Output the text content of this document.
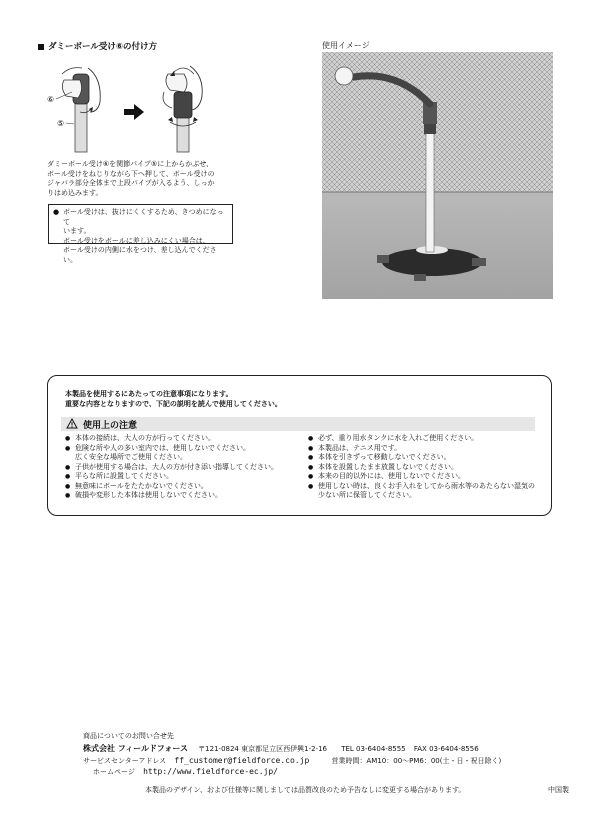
ダミーボール受け⑥の付け方
⑥
⑤
ダミーボール受け⑥を関節パイプ⑤に上からかぶせ、
ボール受けをねじりながら下へ押して、ボール受けの
ジャバラ部分全体まで上段パイプが入るよう、しっか
りはめ込みます。
● ボール受けは、抜けにくくするため、きつめになって
います。
ボール受けをボールに差し込みにくい場合は、
ボール受けの内側に水をつけ、差し込んでください。
使用イメージ
本製品を使用するにあたっての注意事項になります。
重要な内容となりますので、下記の説明を読んで使用してください。
使用上の注意
● 本体の接続は、大人の方が行ってください。
● 危険な所や人の多い室内では、使用しないでください。
広く安全な場所でご使用ください。
● 子供が使用する場合は、大人の方が付き添い指導してください。
● 平らな所に設置してください。
● 無意味にボールをたたかないでください。
● 破損や変形した本体は使用しないでください。
● 必ず、重り用水タンクに水を入れご使用ください。
● 本製品は、テニス用です。
● 本体を引きずって移動しないでください。
● 本体を設置したまま放置しないでください。
● 本来の目的以外には、使用しないでください。
● 使用しない時は、良くお手入れをしてから雨水等のあたらない湿気の
少ない所に保管してください。
商品についてのお問い合せ先
株式会社 フィールドフォース 〒121-0824 東京都足立区西伊興1-2-16 TEL 03-6404-8555 FAX 03-6404-8556
サービスセンターアドレス ff_customer@fieldforce.co.jp	営業時間：AM10：00〜PM6：00(土・日・祝日除く)
ホームページ http://www.fieldforce-ec.jp/
本製品のデザイン、および仕様等に関しましては品質改良のため予告なしに変更する場合があります。	中国製
